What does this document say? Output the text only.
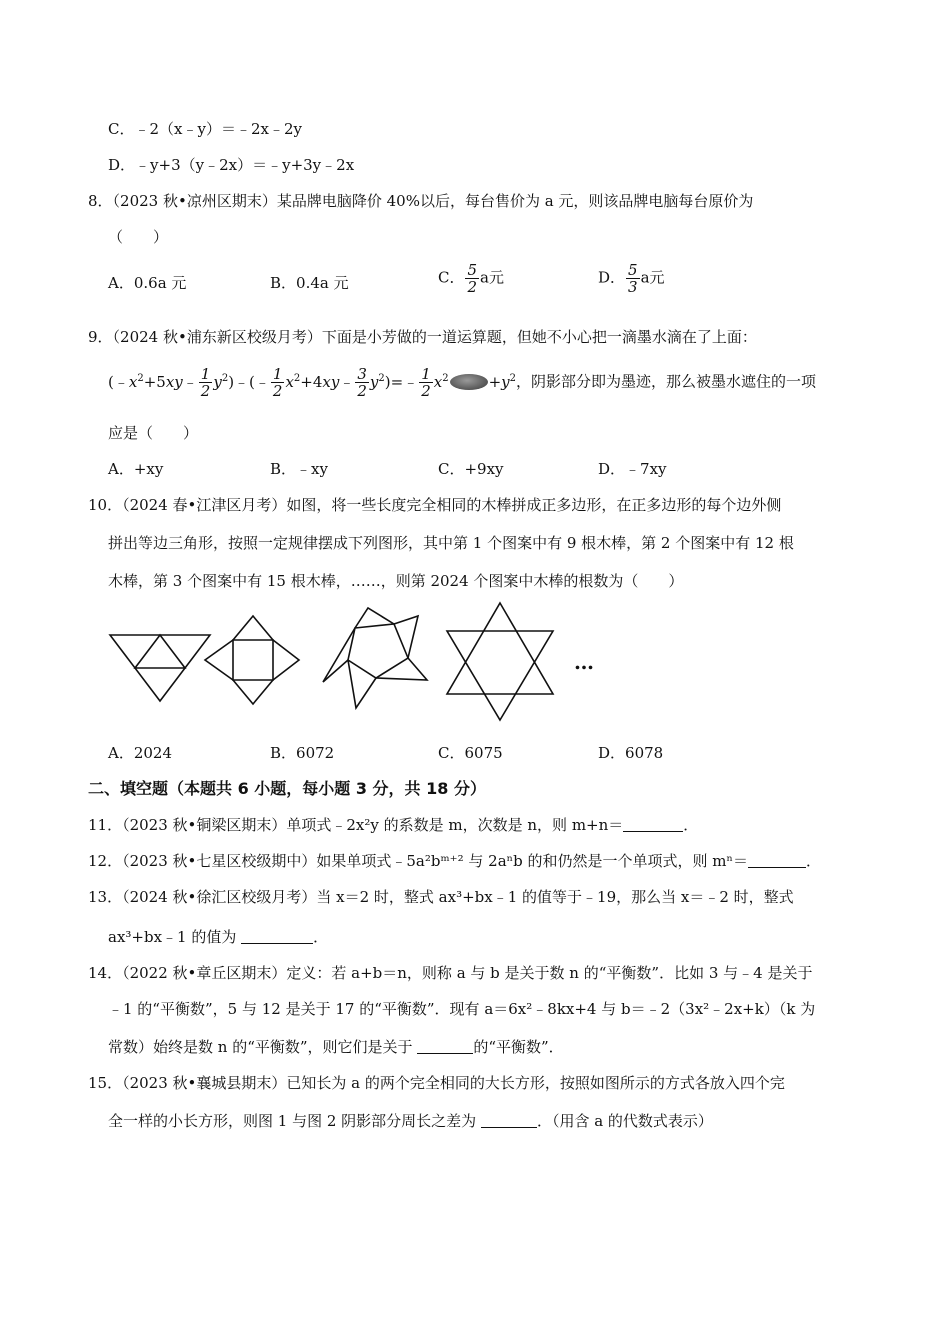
C．﹣2（x﹣y）＝﹣2x﹣2y
D．﹣y+3（y﹣2x）＝﹣y+3y﹣2x
8．（2023 秋•凉州区期末）某品牌电脑降价 40%以后，每台售价为 a 元，则该品牌电脑每台原价为
（　　）
A．0.6a 元	B．0.4a 元	C． $\frac{5}{2}$ a元	D． $\frac{5}{3}$ a元
9．（2024 秋•浦东新区校级月考）下面是小芳做的一道运算题，但她不小心把一滴墨水滴在了上面：
($﹣x^2+5xy﹣ \frac{1}{2}$ $y^2)﹣(﹣ \frac{1}{2}$ $x^2+4xy﹣ \frac{3}{2}$ $y^2)=﹣ \frac{1}{2} x^2$	$+y^2$，阴影部分即为墨迹，那么被墨水遮住的一项
应是（　　）
A．+xy	B．﹣xy	C．+9xy	D．﹣7xy
10．（2024 春•江津区月考）如图，将一些长度完全相同的木棒拼成正多边形，在正多边形的每个边外侧
拼出等边三角形，按照一定规律摆成下列图形，其中第 1 个图案中有 9 根木棒，第 2 个图案中有 12 根
木棒，第 3 个图案中有 15 根木棒，……，则第 2024 个图案中木棒的根数为（　　）
…
A．2024	B．6072	C．6075	D．6078
二、填空题（本题共 6 小题，每小题 3 分，共 18 分）
11．（2023 秋•铜梁区期末）单项式﹣2x²y 的系数是 m，次数是 n，则 m+n＝	．
12．（2023 秋•七星区校级期中）如果单项式﹣5a²bᵐ⁺² 与 2aⁿb 的和仍然是一个单项式，则 mⁿ＝	．
13．（2024 秋•徐汇区校级月考）当 x＝2 时，整式 ax³+bx﹣1 的值等于﹣19，那么当 x＝﹣2 时，整式
ax³+bx﹣1 的值为	．
14．（2022 秋•章丘区期末）定义：若 a+b＝n，则称 a 与 b 是关于数 n 的“平衡数”．比如 3 与﹣4 是关于
﹣1 的“平衡数”，5 与 12 是关于 17 的“平衡数”．现有 a＝6x²﹣8kx+4 与 b＝﹣2（3x²﹣2x+k）（k 为
常数）始终是数 n 的“平衡数”，则它们是关于	的“平衡数”．
15．（2023 秋•襄城县期末）已知长为 a 的两个完全相同的大长方形，按照如图所示的方式各放入四个完
全一样的小长方形，则图 1 与图 2 阴影部分周长之差为	．（用含 a 的代数式表示）
